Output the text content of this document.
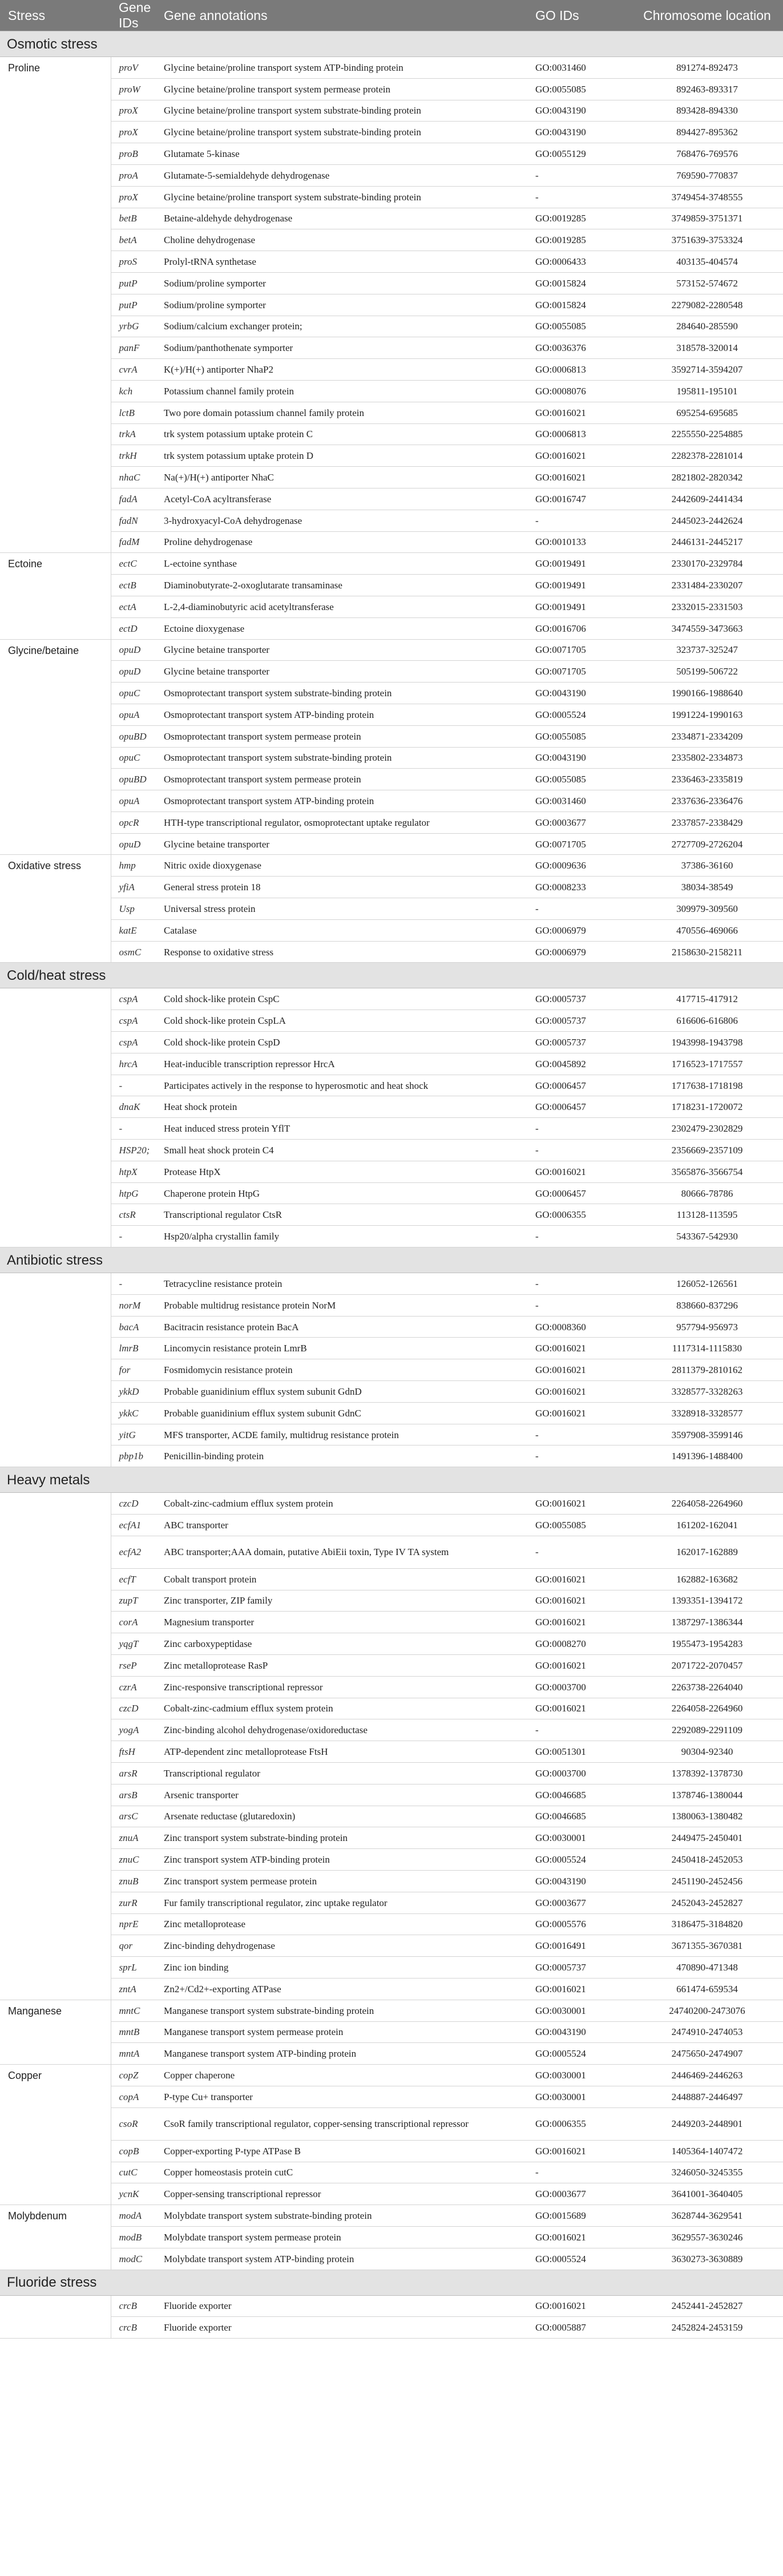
Stress	Gene IDs	Gene annotations	GO IDs	Chromosome location
Osmotic stress				
Proline	proV	Glycine betaine/proline transport system ATP-binding protein	GO:0031460	891274-892473
	proW	Glycine betaine/proline transport system permease protein	GO:0055085	892463-893317
	proX	Glycine betaine/proline transport system substrate-binding protein	GO:0043190	893428-894330
	proX	Glycine betaine/proline transport system substrate-binding protein	GO:0043190	894427-895362
	proB	Glutamate 5-kinase	GO:0055129	768476-769576
	proA	Glutamate-5-semialdehyde dehydrogenase	-	769590-770837
	proX	Glycine betaine/proline transport system substrate-binding protein	-	3749454-3748555
	betB	Betaine-aldehyde dehydrogenase	GO:0019285	3749859-3751371
	betA	Choline dehydrogenase	GO:0019285	3751639-3753324
	proS	Prolyl-tRNA synthetase	GO:0006433	403135-404574
	putP	Sodium/proline symporter	GO:0015824	573152-574672
	putP	Sodium/proline symporter	GO:0015824	2279082-2280548
	yrbG	Sodium/calcium exchanger protein;	GO:0055085	284640-285590
	panF	Sodium/panthothenate symporter	GO:0036376	318578-320014
	cvrA	K(+)/H(+) antiporter NhaP2	GO:0006813	3592714-3594207
	kch	Potassium channel family protein	GO:0008076	195811-195101
	lctB	Two pore domain potassium channel family protein	GO:0016021	695254-695685
	trkA	trk system potassium uptake protein C	GO:0006813	2255550-2254885
	trkH	trk system potassium uptake protein D	GO:0016021	2282378-2281014
	nhaC	Na(+)/H(+) antiporter NhaC	GO:0016021	2821802-2820342
	fadA	Acetyl-CoA acyltransferase	GO:0016747	2442609-2441434
	fadN	3-hydroxyacyl-CoA dehydrogenase	-	2445023-2442624
	fadM	Proline dehydrogenase	GO:0010133	2446131-2445217
Ectoine	ectC	L-ectoine synthase	GO:0019491	2330170-2329784
	ectB	Diaminobutyrate-2-oxoglutarate transaminase	GO:0019491	2331484-2330207
	ectA	L-2,4-diaminobutyric acid acetyltransferase	GO:0019491	2332015-2331503
	ectD	Ectoine dioxygenase	GO:0016706	3474559-3473663
Glycine/betaine	opuD	Glycine betaine transporter	GO:0071705	323737-325247
	opuD	Glycine betaine transporter	GO:0071705	505199-506722
	opuC	Osmoprotectant transport system substrate-binding protein	GO:0043190	1990166-1988640
	opuA	Osmoprotectant transport system ATP-binding protein	GO:0005524	1991224-1990163
	opuBD	Osmoprotectant transport system permease protein	GO:0055085	2334871-2334209
	opuC	Osmoprotectant transport system substrate-binding protein	GO:0043190	2335802-2334873
	opuBD	Osmoprotectant transport system permease protein	GO:0055085	2336463-2335819
	opuA	Osmoprotectant transport system ATP-binding protein	GO:0031460	2337636-2336476
	opcR	HTH-type transcriptional regulator, osmoprotectant uptake regulator	GO:0003677	2337857-2338429
	opuD	Glycine betaine transporter	GO:0071705	2727709-2726204
Oxidative stress	hmp	Nitric oxide dioxygenase	GO:0009636	37386-36160
	yfiA	General stress protein 18	GO:0008233	38034-38549
	Usp	Universal stress protein	-	309979-309560
	katE	Catalase	GO:0006979	470556-469066
	osmC	Response to oxidative stress	GO:0006979	2158630-2158211
Cold/heat stress				
	cspA	Cold shock-like protein CspC	GO:0005737	417715-417912
	cspA	Cold shock-like protein CspLA	GO:0005737	616606-616806
	cspA	Cold shock-like protein CspD	GO:0005737	1943998-1943798
	hrcA	Heat-inducible transcription repressor HrcA	GO:0045892	1716523-1717557
	-	Participates actively in the response to hyperosmotic and heat shock	GO:0006457	1717638-1718198
	dnaK	Heat shock protein	GO:0006457	1718231-1720072
	-	Heat induced stress protein YflT	-	2302479-2302829
	HSP20;	Small heat shock protein C4	-	2356669-2357109
	htpX	Protease HtpX	GO:0016021	3565876-3566754
	htpG	Chaperone protein HtpG	GO:0006457	80666-78786
	ctsR	Transcriptional regulator CtsR	GO:0006355	113128-113595
	-	Hsp20/alpha crystallin family	-	543367-542930
Antibiotic stress				
	-	Tetracycline resistance protein	-	126052-126561
	norM	Probable multidrug resistance protein NorM	-	838660-837296
	bacA	Bacitracin resistance protein BacA	GO:0008360	957794-956973
	lmrB	Lincomycin resistance protein LmrB	GO:0016021	1117314-1115830
	for	Fosmidomycin resistance protein	GO:0016021	2811379-2810162
	ykkD	Probable guanidinium efflux system subunit GdnD	GO:0016021	3328577-3328263
	ykkC	Probable guanidinium efflux system subunit GdnC	GO:0016021	3328918-3328577
	yitG	MFS transporter, ACDE family, multidrug resistance protein	-	3597908-3599146
	pbp1b	Penicillin-binding protein	-	1491396-1488400
Heavy metals				
	czcD	Cobalt-zinc-cadmium efflux system protein	GO:0016021	2264058-2264960
	ecfA1	ABC transporter	GO:0055085	161202-162041
	ecfA2	ABC transporter;AAA domain, putative AbiEii toxin, Type IV TA system	-	162017-162889
	ecfT	Cobalt transport protein	GO:0016021	162882-163682
	zupT	Zinc transporter, ZIP family	GO:0016021	1393351-1394172
	corA	Magnesium transporter	GO:0016021	1387297-1386344
	yqgT	Zinc carboxypeptidase	GO:0008270	1955473-1954283
	rseP	Zinc metalloprotease RasP	GO:0016021	2071722-2070457
	czrA	Zinc-responsive transcriptional repressor	GO:0003700	2263738-2264040
	czcD	Cobalt-zinc-cadmium efflux system protein	GO:0016021	2264058-2264960
	yogA	Zinc-binding alcohol dehydrogenase/oxidoreductase	-	2292089-2291109
	ftsH	ATP-dependent zinc metalloprotease FtsH	GO:0051301	90304-92340
	arsR	Transcriptional regulator	GO:0003700	1378392-1378730
	arsB	Arsenic transporter	GO:0046685	1378746-1380044
	arsC	Arsenate reductase (glutaredoxin)	GO:0046685	1380063-1380482
	znuA	Zinc transport system substrate-binding protein	GO:0030001	2449475-2450401
	znuC	Zinc transport system ATP-binding protein	GO:0005524	2450418-2452053
	znuB	Zinc transport system permease protein	GO:0043190	2451190-2452456
	zurR	Fur family transcriptional regulator, zinc uptake regulator	GO:0003677	2452043-2452827
	nprE	Zinc metalloprotease	GO:0005576	3186475-3184820
	qor	Zinc-binding dehydrogenase	GO:0016491	3671355-3670381
	sprL	Zinc ion binding	GO:0005737	470890-471348
	zntA	Zn2+/Cd2+-exporting ATPase	GO:0016021	661474-659534
Manganese	mntC	Manganese transport system substrate-binding protein	GO:0030001	24740200-2473076
	mntB	Manganese transport system permease protein	GO:0043190	2474910-2474053
	mntA	Manganese transport system ATP-binding protein	GO:0005524	2475650-2474907
Copper	copZ	Copper chaperone	GO:0030001	2446469-2446263
	copA	P-type Cu+ transporter	GO:0030001	2448887-2446497
	csoR	CsoR family transcriptional regulator, copper-sensing transcriptional repressor	GO:0006355	2449203-2448901
	copB	Copper-exporting P-type ATPase B	GO:0016021	1405364-1407472
	cutC	Copper homeostasis protein cutC	-	3246050-3245355
	ycnK	Copper-sensing transcriptional repressor	GO:0003677	3641001-3640405
Molybdenum	modA	Molybdate transport system substrate-binding protein	GO:0015689	3628744-3629541
	modB	Molybdate transport system permease protein	GO:0016021	3629557-3630246
	modC	Molybdate transport system ATP-binding protein	GO:0005524	3630273-3630889
Fluoride stress				
	crcB	Fluoride exporter	GO:0016021	2452441-2452827
	crcB	Fluoride exporter	GO:0005887	2452824-2453159
